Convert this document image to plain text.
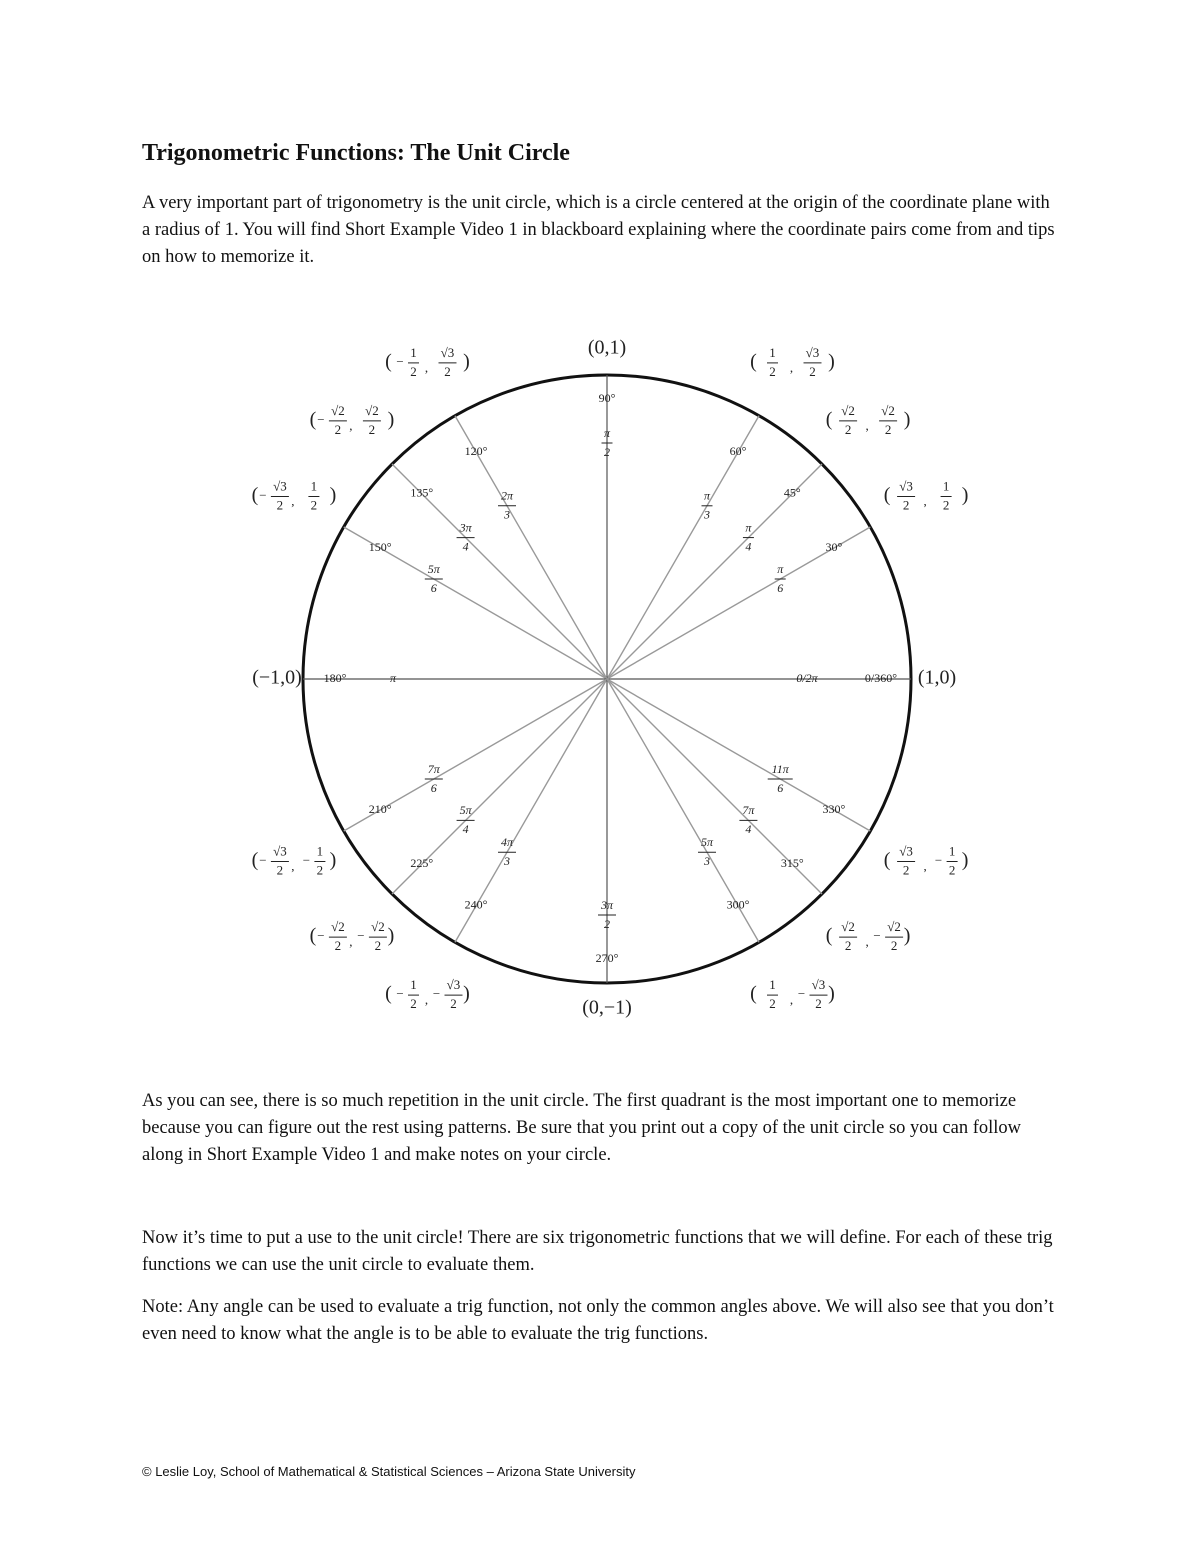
Trigonometric Functions: The Unit Circle

A very important part of trigonometry is the unit circle, which is a circle centered at the origin of the coordinate plane with a radius of 1. You will find Short Example Video 1 in blackboard explaining where the coordinate pairs come from and tips on how to memorize it.

0/360°
0/2π	(1,0)
30°
π
6
( √3
2 ,
1
2 )
45°
π
4
( √2
2 ,
√2
2 )
60°
π
3
( 1
2 ,
√3
2 )
90°
π
2
(0,1)
120°
2π
3
( −
1
2 ,
√3
2 )
135°
3π
4
( −
√2
2 ,
√2
2 )
150°
5π
6
( −
√3
2 ,
1
2 )
180°	π
(−1,0)
210°
7π
6
( −
√3
2 , −
1
2 )	225°
5π
4
( −
√2
2 , −
√2
2 )
240°
4π
3
( −
1
2 , −
√3
2 )
270°
3π
2
(0,−1)
300°
5π
3
( 1
2 , −
√3
2 )
315°
7π
4
( √2
2 , −
√2
2 )
330°
11π
6
( √3
2 , −
1
2 )

As you can see, there is so much repetition in the unit circle. The first quadrant is the most important one to memorize because you can figure out the rest using patterns. Be sure that you print out a copy of the unit circle so you can follow along in Short Example Video 1 and make notes on your circle.

Now it’s time to put a use to the unit circle! There are six trigonometric functions that we will define. For each of these trig functions we can use the unit circle to evaluate them.

Note: Any angle can be used to evaluate a trig function, not only the common angles above. We will also see that you don’t even need to know what the angle is to be able to evaluate the trig functions.

© Leslie Loy, School of Mathematical & Statistical Sciences – Arizona State University
